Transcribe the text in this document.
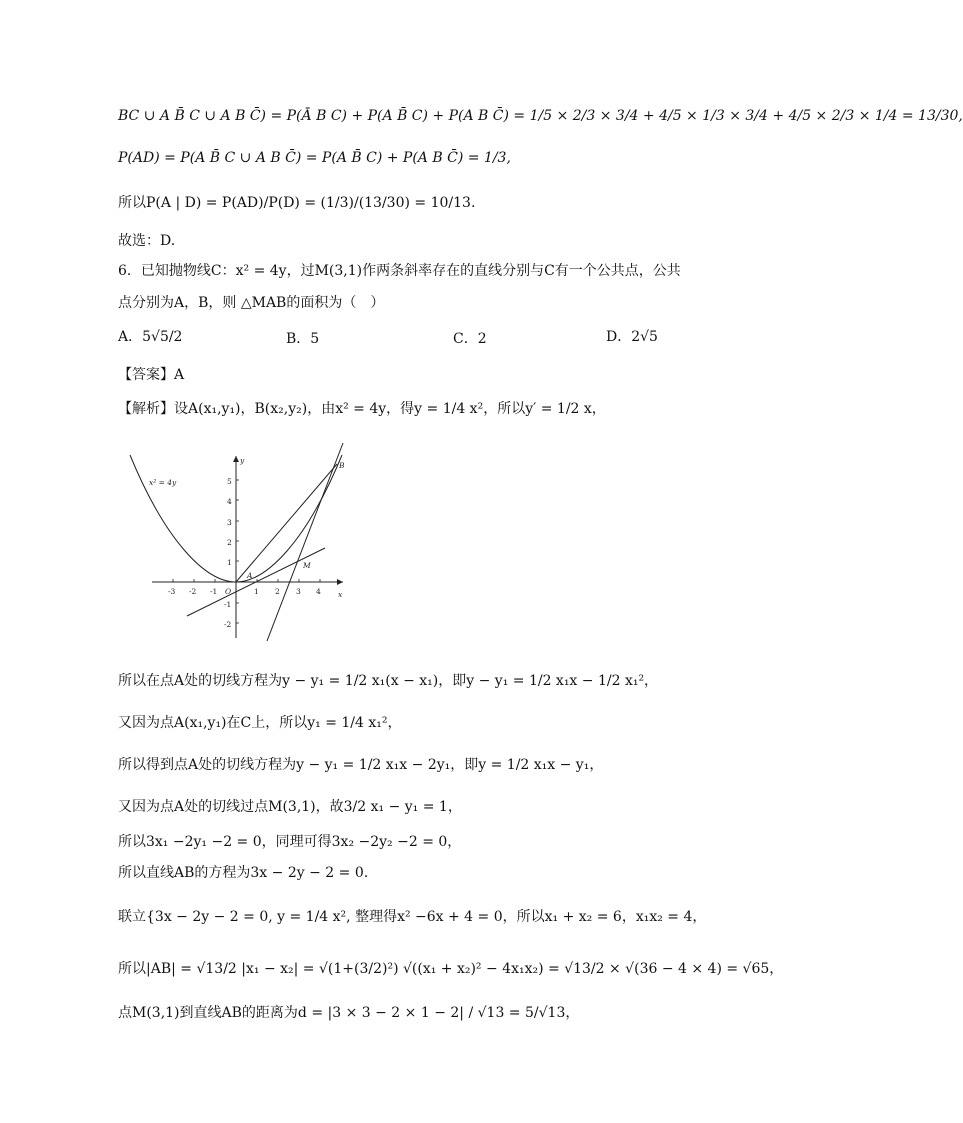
BC ∪ A B̄ C ∪ A B C̄) = P(Ā B C) + P(A B̄ C) + P(A B C̄) = 1/5 × 2/3 × 3/4 + 4/5 × 1/3 × 3/4 + 4/5 × 2/3 × 1/4 = 13/30,
P(AD) = P(A B̄ C ∪ A B C̄) = P(A B̄ C) + P(A B C̄) = 1/3,
所以P(A | D) = P(AD)/P(D) = (1/3)/(13/30) = 10/13.
故选：D.
6．已知抛物线C：x² = 4y，过M(3,1)作两条斜率存在的直线分别与C有一个公共点，公共
点分别为A，B，则 △MAB的面积为（　）
A．5√5/2	B．5	C．2	D．2√5
【答案】A
【解析】设A(x₁,y₁)，B(x₂,y₂)，由x² = 4y，得y = 1/4 x²，所以y′ = 1/2 x，
x² = 4y
y
x
O
A
B
M
-3 -2 -1	1 2 3 4
5
4
3
2
1
-1
-2
所以在点A处的切线方程为y − y₁ = 1/2 x₁(x − x₁)，即y − y₁ = 1/2 x₁x − 1/2 x₁²，
又因为点A(x₁,y₁)在C上，所以y₁ = 1/4 x₁²，
所以得到点A处的切线方程为y − y₁ = 1/2 x₁x − 2y₁，即y = 1/2 x₁x − y₁，
又因为点A处的切线过点M(3,1)，故3/2 x₁ − y₁ = 1，
所以3x₁ −2y₁ −2 = 0，同理可得3x₂ −2y₂ −2 = 0，
所以直线AB的方程为3x − 2y − 2 = 0.
联立{3x − 2y − 2 = 0, y = 1/4 x², 整理得x² −6x + 4 = 0，所以x₁ + x₂ = 6，x₁x₂ = 4，
所以|AB| = √13/2 |x₁ − x₂| = √(1+(3/2)²) √((x₁ + x₂)² − 4x₁x₂) = √13/2 × √(36 − 4 × 4) = √65，
点M(3,1)到直线AB的距离为d = |3 × 3 − 2 × 1 − 2| / √13 = 5/√13，
